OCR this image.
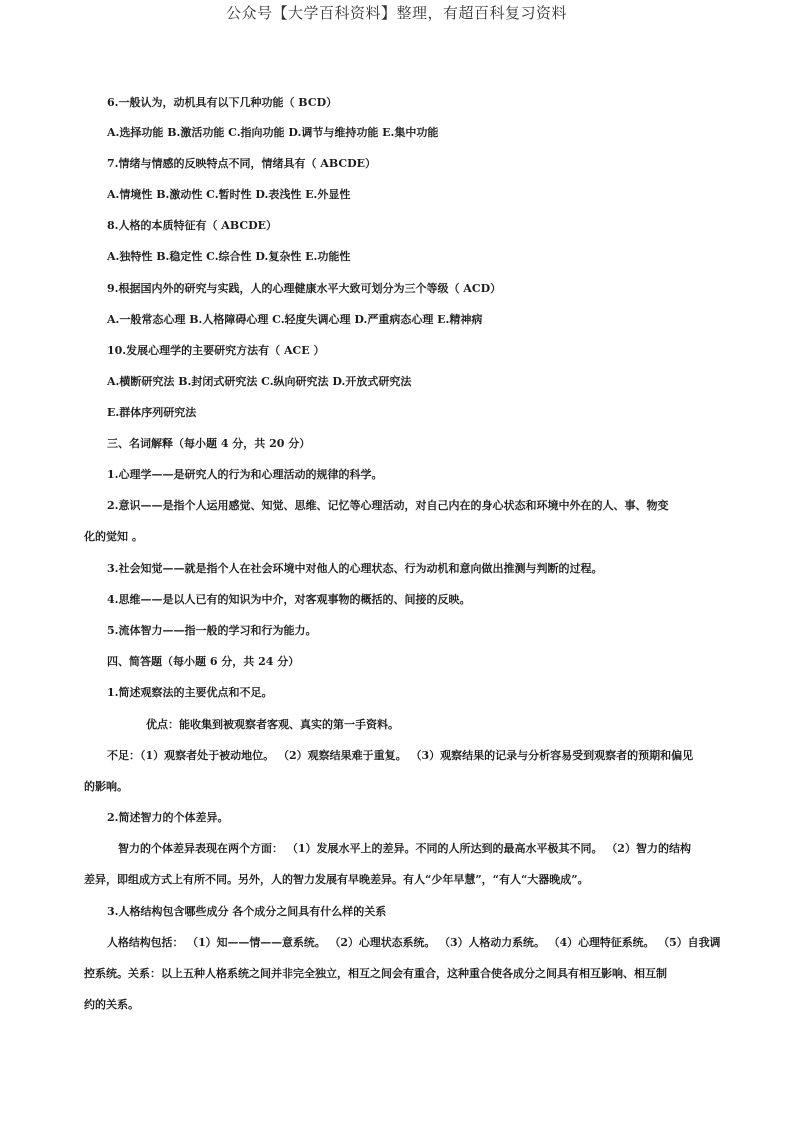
公众号【大学百科资料】整理，有超百科复习资料
6.一般认为，动机具有以下几种功能（ BCD）
A.选择功能 B.激活功能 C.指向功能 D.调节与维持功能 E.集中功能
7.情绪与情感的反映特点不同，情绪具有（ ABCDE）
A.情境性 B.激动性 C.暂时性 D.表浅性 E.外显性
8.人格的本质特征有（ ABCDE）
A.独特性 B.稳定性 C.综合性 D.复杂性 E.功能性
9.根据国内外的研究与实践，人的心理健康水平大致可划分为三个等级（ ACD）
A.一般常态心理 B.人格障碍心理 C.轻度失调心理 D.严重病态心理 E.精神病
10.发展心理学的主要研究方法有（ ACE ）
A.横断研究法 B.封闭式研究法 C.纵向研究法 D.开放式研究法
E.群体序列研究法
三、名词解释（每小题 4 分，共 20 分）
1.心理学——是研究人的行为和心理活动的规律的科学。
2.意识——是指个人运用感觉、知觉、思维、记忆等心理活动，对自己内在的身心状态和环境中外在的人、事、物变
化的觉知 。
3.社会知觉——就是指个人在社会环境中对他人的心理状态、行为动机和意向做出推测与判断的过程。
4.思维——是以人已有的知识为中介，对客观事物的概括的、间接的反映。
5.流体智力——指一般的学习和行为能力。
四、简答题（每小题 6 分，共 24 分）
1.简述观察法的主要优点和不足。
优点：能收集到被观察者客观、真实的第一手资料。
不足：（1）观察者处于被动地位。 （2）观察结果难于重复。 （3）观察结果的记录与分析容易受到观察者的预期和偏见
的影响。
2.简述智力的个体差异。
智力的个体差异表现在两个方面： （1）发展水平上的差异。不同的人所达到的最高水平极其不同。 （2）智力的结构
差异，即组成方式上有所不同。另外，人的智力发展有早晚差异。有人“少年早慧”，“有人“大器晚成”。
3.人格结构包含哪些成分 各个成分之间具有什么样的关系
人格结构包括： （1）知——情——意系统。 （2）心理状态系统。 （3）人格动力系统。 （4）心理特征系统。 （5）自我调
控系统。关系：以上五种人格系统之间并非完全独立，相互之间会有重合，这种重合使各成分之间具有相互影响、相互制
约的关系。
